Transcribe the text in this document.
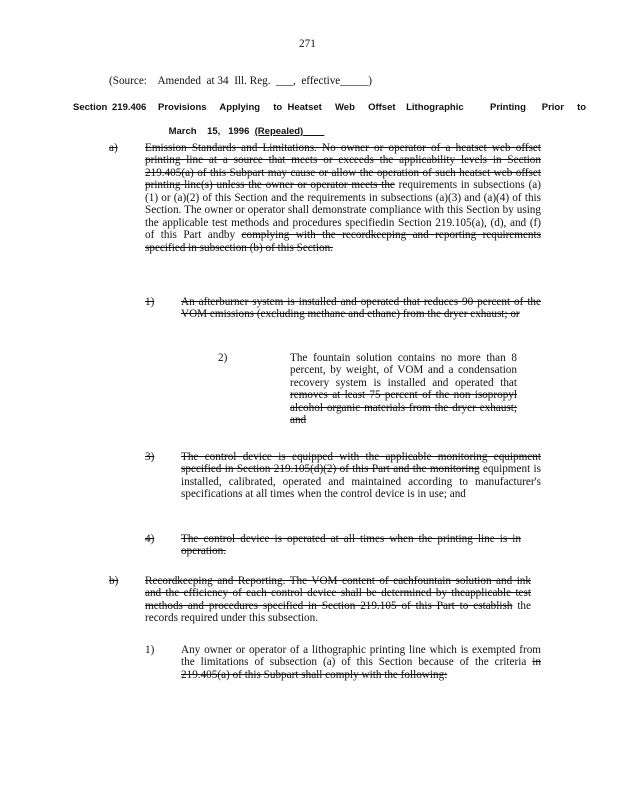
271
(Source:    Amended  at 34  Ill. Reg.  ___,  effective_____)
Section 219.406 Provisions     Applying     to  Heatset     Web     Offset    Lithographic          Printing      Prior     to

March    15,   1996  (Repealed)

a) Emission Standards and Limitations. No owner or operator of a heatset web offset printing line at a source that meets or exceeds the applicability levels in Section 219.405(a) of this Subpart may cause or allow the operation of such heatset web offset printing line(s) unless the owner or operator meets the requirements in subsections (a)(1) or (a)(2) of this Section and the requirements in subsections (a)(3) and (a)(4) of this Section. The owner or operator shall demonstrate compliance with this Section by using the applicable test methods and procedures specifiedin Section 219.105(a), (d), and (f) of this Part andby complying with the recordkeeping and reporting requirements specified in subsection (b) of this Section.
1) An afterburner system is installed and operated that reduces 90 percent of the VOM emissions (excluding methane and ethane) from the dryer exhaust; or
2)	The fountain solution contains no more than 8 percent, by weight, of VOM and a condensation recovery system is installed and operated that removes at least 75 percent of the non isopropyl alcohol organic materials from the dryer exhaust; and
3) The control device is equipped with the applicable monitoring equipment specified in Section 219.105(d)(2) of this Part and the monitoring equipment is installed, calibrated, operated and maintained according to manufacturer's specifications at all times when the control device is in use; and
4) The control device is operated at all times when the printing line is in operation.
b) Recordkeeping and Reporting. The VOM content of eachfountain solution and ink and the efficiency of each control device shall be determined by theapplicable test methods and procedures specified in Section 219.105 of this Part to establish the records required under this subsection.
1) Any owner or operator of a lithographic printing line which is exempted from the limitations of subsection (a) of this Section because of the criteria in 219.405(a) of this Subpart shall comply with the following:
